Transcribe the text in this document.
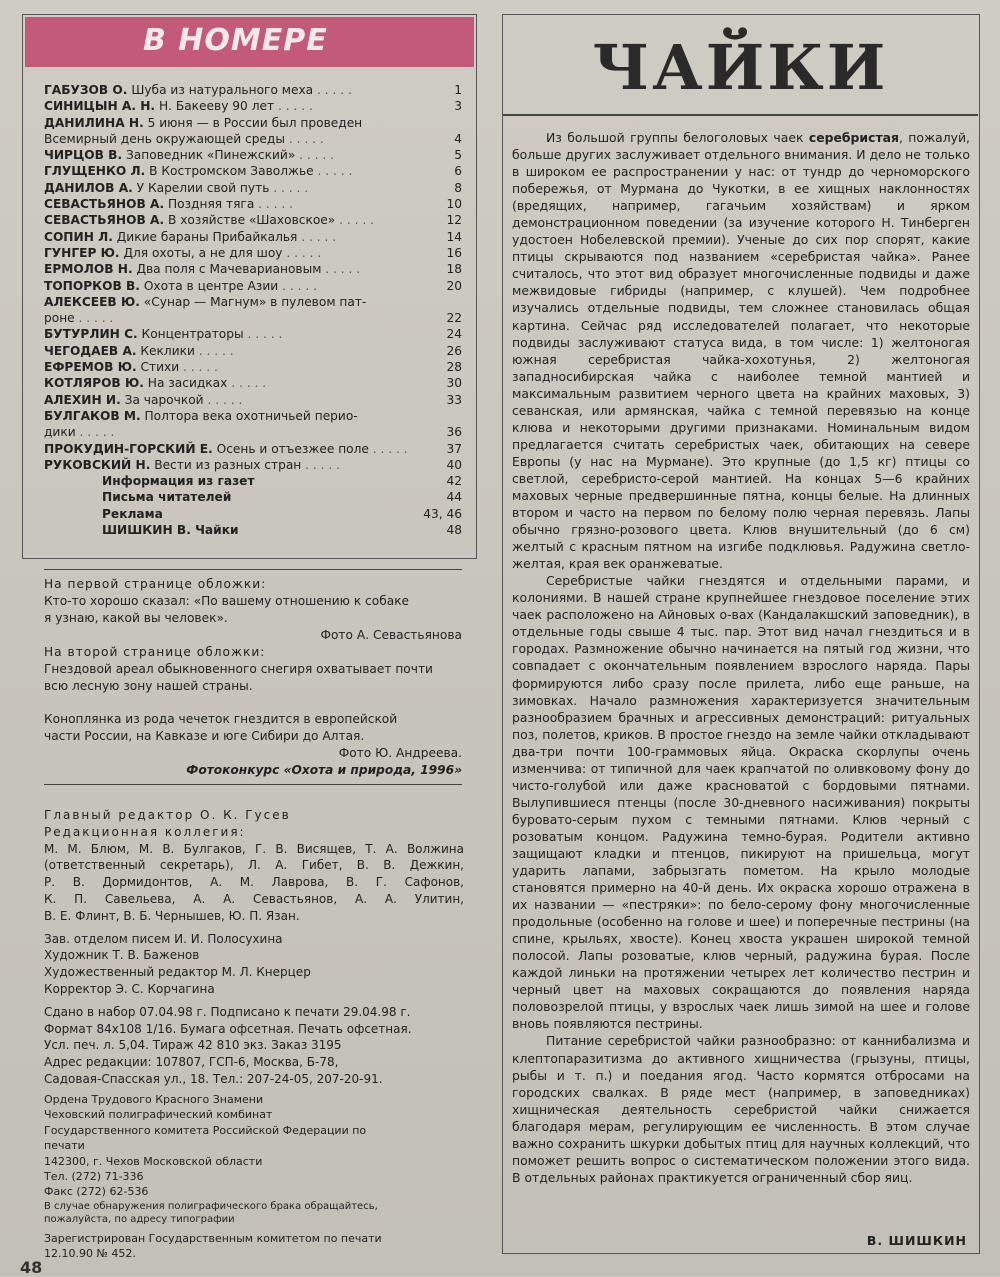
В НОМЕРЕ
ГАБУЗОВ О. Шуба из натурального меха . . . . .	1
СИНИЦЫН А. Н. Н. Бакееву 90 лет . . . . .	3
ДАНИЛИНА Н. 5 июня — в России был проведен
Всемирный день окружающей среды . . . . .	4
ЧИРЦОВ В. Заповедник «Пинежский» . . . . .	5
ГЛУЩЕНКО Л. В Костромском Заволжье . . . . .	6
ДАНИЛОВ А. У Карелии свой путь . . . . .	8
СЕВАСТЬЯНОВ А. Поздняя тяга . . . . .	10
СЕВАСТЬЯНОВ А. В хозяйстве «Шаховское» . . . . .	12
СОПИН Л. Дикие бараны Прибайкалья . . . . .	14
ГУНГЕР Ю. Для охоты, а не для шоу . . . . .	16
ЕРМОЛОВ Н. Два поля с Мачевариановым . . . . .	18
ТОПОРКОВ В. Охота в центре Азии . . . . .	20
АЛЕКСЕЕВ Ю. «Сунар — Магнум» в пулевом пат-
роне . . . . .	22
БУТУРЛИН С. Концентраторы . . . . .	24
ЧЕГОДАЕВ А. Кеклики . . . . .	26
ЕФРЕМОВ Ю. Стихи . . . . .	28
КОТЛЯРОВ Ю. На засидках . . . . .	30
АЛЕХИН И. За чарочкой . . . . .	33
БУЛГАКОВ М. Полтора века охотничьей перио-
дики . . . . .	36
ПРОКУДИН-ГОРСКИЙ Е. Осень и отъезжее поле . . . . .	37
РУКОВСКИЙ Н. Вести из разных стран . . . . .	40
Информация из газет	42
Письма читателей	44
Реклама	43, 46
ШИШКИН В. Чайки	48
На первой странице обложки:
Кто-то хорошо сказал: «По вашему отношению к собаке
я узнаю, какой вы человек».
Фото А. Севастьянова
На второй странице обложки:
Гнездовой ареал обыкновенного снегиря охватывает почти
всю лесную зону нашей страны.
Коноплянка из рода чечеток гнездится в европейской
части России, на Кавказе и юге Сибири до Алтая.
Фото Ю. Андреева.
Фотоконкурс «Охота и природа, 1996»
Главный редактор О. К. Гусев
Редакционная коллегия:
М. М. Блюм, М. В. Булгаков, Г. В. Висящев, Т. А. Волжина
(ответственный секретарь), Л. А. Гибет, В. В. Дежкин,
Р. В. Дормидонтов, А. М. Лаврова, В. Г. Сафонов,
К. П. Савельева, А. А. Севастьянов, А. А. Улитин,
В. Е. Флинт, В. Б. Чернышев, Ю. П. Язан.
Зав. отделом писем И. И. Полосухина
Художник Т. В. Баженов
Художественный редактор М. Л. Кнерцер
Корректор Э. С. Корчагина
Сдано в набор 07.04.98 г. Подписано к печати 29.04.98 г.
Формат 84x108 1/16. Бумага офсетная. Печать офсетная.
Усл. печ. л. 5,04. Тираж 42 810 экз. Заказ 3195
Адрес редакции: 107807, ГСП-6, Москва, Б-78,
Садовая-Спасская ул., 18. Тел.: 207-24-05, 207-20-91.
Ордена Трудового Красного Знамени
Чеховский полиграфический комбинат
Государственного комитета Российской Федерации по
печати
142300, г. Чехов Московской области
Тел. (272) 71-336
Факс (272) 62-536
В случае обнаружения полиграфического брака обращайтесь,
пожалуйста, по адресу типографии
Зарегистрирован Государственным комитетом по печати
12.10.90 № 452.
48
ЧАЙКИ

Из большой группы белоголовых чаек серебристая, пожалуй, больше других заслуживает отдельного внимания. И дело не только в широком ее распространении у нас: от тундр до черноморского побережья, от Мурмана до Чукотки, в ее хищных наклонностях (вредящих, например, гагачьим хозяйствам) и ярком демонстрационном поведении (за изучение которого Н. Тинберген удостоен Нобелевской премии). Ученые до сих пор спорят, какие птицы скрываются под названием «серебристая чайка». Ранее считалось, что этот вид образует многочисленные подвиды и даже межвидовые гибриды (например, с клушей). Чем подробнее изучались отдельные подвиды, тем сложнее становилась общая картина. Сейчас ряд исследователей полагает, что некоторые подвиды заслуживают статуса вида, в том числе: 1) желтоногая южная серебристая чайка-хохотунья, 2) желтоногая западносибирская чайка с наиболее темной мантией и максимальным развитием черного цвета на крайних маховых, 3) севанская, или армянская, чайка с темной перевязью на конце клюва и некоторыми другими признаками. Номинальным видом предлагается считать серебристых чаек, обитающих на севере Европы (у нас на Мурмане). Это крупные (до 1,5 кг) птицы со светлой, серебристо-серой мантией. На концах 5—6 крайних маховых черные предвершинные пятна, концы белые. На длинных втором и часто на первом по белому полю черная перевязь. Лапы обычно грязно-розового цвета. Клюв внушительный (до 6 см) желтый с красным пятном на изгибе подклювья. Радужина светло-желтая, края век оранжеватые.

Серебристые чайки гнездятся и отдельными парами, и колониями. В нашей стране крупнейшее гнездовое поселение этих чаек расположено на Айновых о-вах (Кандалакшский заповедник), в отдельные годы свыше 4 тыс. пар. Этот вид начал гнездиться и в городах. Размножение обычно начинается на пятый год жизни, что совпадает с окончательным появлением взрослого наряда. Пары формируются либо сразу после прилета, либо еще раньше, на зимовках. Начало размножения характеризуется значительным разнообразием брачных и агрессивных демонстраций: ритуальных поз, полетов, криков. В простое гнездо на земле чайки откладывают два-три почти 100-граммовых яйца. Окраска скорлупы очень изменчива: от типичной для чаек крапчатой по оливковому фону до чисто-голубой или даже красноватой с бордовыми пятнами. Вылупившиеся птенцы (после 30-дневного насиживания) покрыты буровато-серым пухом с темными пятнами. Клюв черный с розоватым концом. Радужина темно-бурая. Родители активно защищают кладки и птенцов, пикируют на пришельца, могут ударить лапами, забрызгать пометом. На крыло молодые становятся примерно на 40-й день. Их окраска хорошо отражена в их названии — «пестряки»: по бело-серому фону многочисленные продольные (особенно на голове и шее) и поперечные пестрины (на спине, крыльях, хвосте). Конец хвоста украшен широкой темной полосой. Лапы розоватые, клюв черный, радужина бурая. После каждой линьки на протяжении четырех лет количество пестрин и черный цвет на маховых сокращаются до появления наряда половозрелой птицы, у взрослых чаек лишь зимой на шее и голове вновь появляются пестрины.

Питание серебристой чайки разнообразно: от каннибализма и клептопаразитизма до активного хищничества (грызуны, птицы, рыбы и т. п.) и поедания ягод. Часто кормятся отбросами на городских свалках. В ряде мест (например, в заповедниках) хищническая деятельность серебристой чайки снижается благодаря мерам, регулирующим ее численность. В этом случае важно сохранить шкурки добытых птиц для научных коллекций, что поможет решить вопрос о систематическом положении этого вида. В отдельных районах практикуется ограниченный сбор яиц.

В. ШИШКИН
